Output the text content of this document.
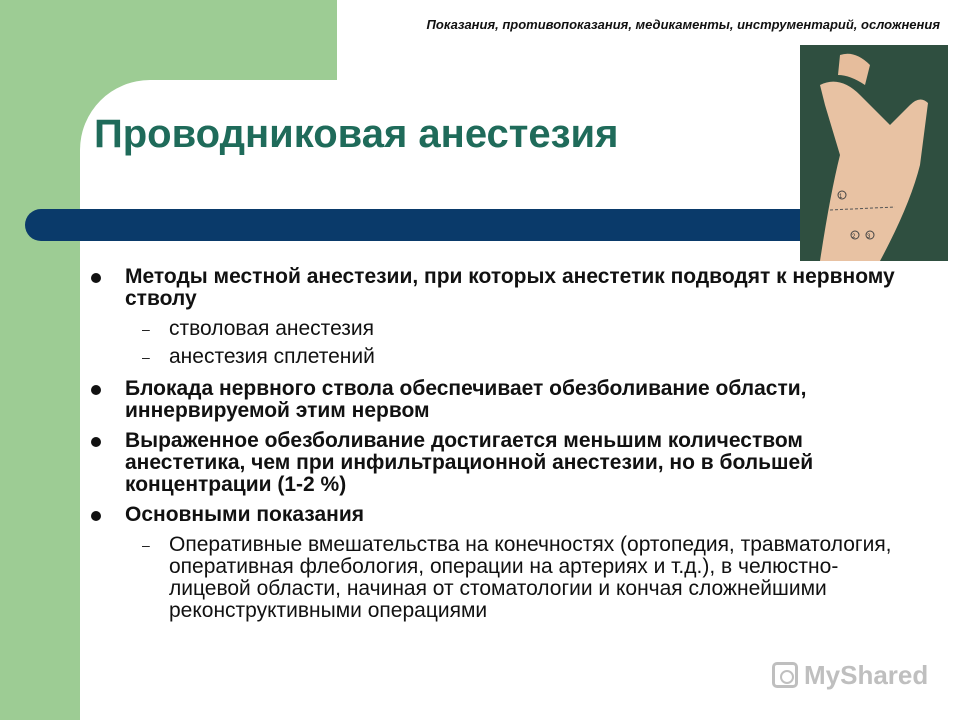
Показания, противопоказания, медикаменты, инструментарий, осложнения
Проводниковая анестезия
1
2 3
Методы местной анестезии, при которых анестетик подводят к нервному стволу
– стволовая анестезия
– анестезия сплетений
Блокада нервного ствола обеспечивает обезболивание области, иннервируемой этим нервом
Выраженное обезболивание достигается меньшим количеством анестетика, чем при инфильтрационной анестезии, но в большей концентрации (1-2 %)
Основными показания
– Оперативные вмешательства на конечностях (ортопедия, травматология, оперативная флебология, операции на артериях и т.д.), в челюстно-лицевой области, начиная от стоматологии и кончая сложнейшими реконструктивными операциями
MyShared
